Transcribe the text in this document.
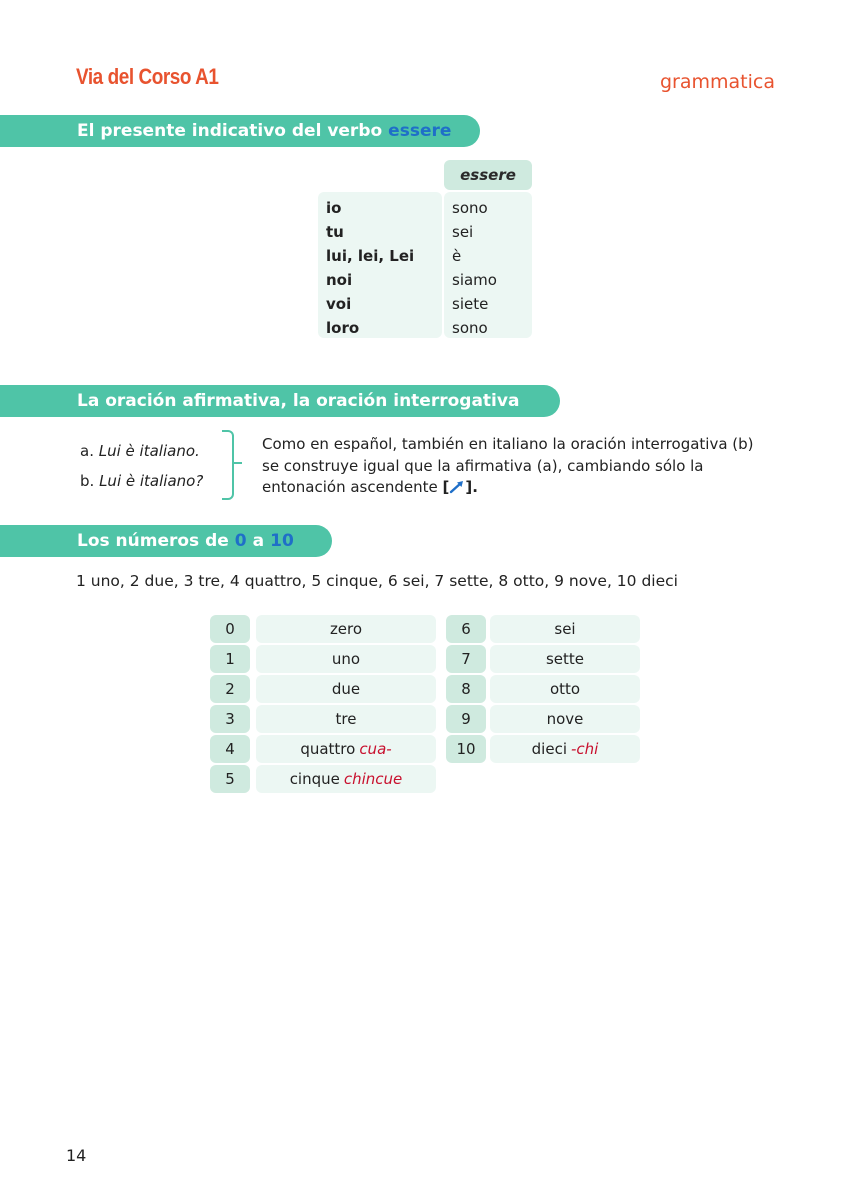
Via del Corso A1	grammatica
El presente indicativo del verbo essere
essere
io
tu
lui, lei, Lei
noi
voi
loro
sono
sei
è
siamo
siete
sono
La oración afirmativa, la oración interrogativa
a. Lui è italiano.
b. Lui è italiano?
Como en español, también en italiano la oración interrogativa (b) se construye igual que la afirmativa (a), cambiando sólo la entonación ascendente [ ].
Los números de 0 a 10
1 uno, 2 due, 3 tre, 4 quattro, 5 cinque, 6 sei, 7 sette, 8 otto, 9 nove, 10 dieci
0
1
2
3
4
5
zero
uno
due
tre
quattro cua-
cinque chincue
6
7
8
9
10
sei
sette
otto
nove
dieci -chi
14
